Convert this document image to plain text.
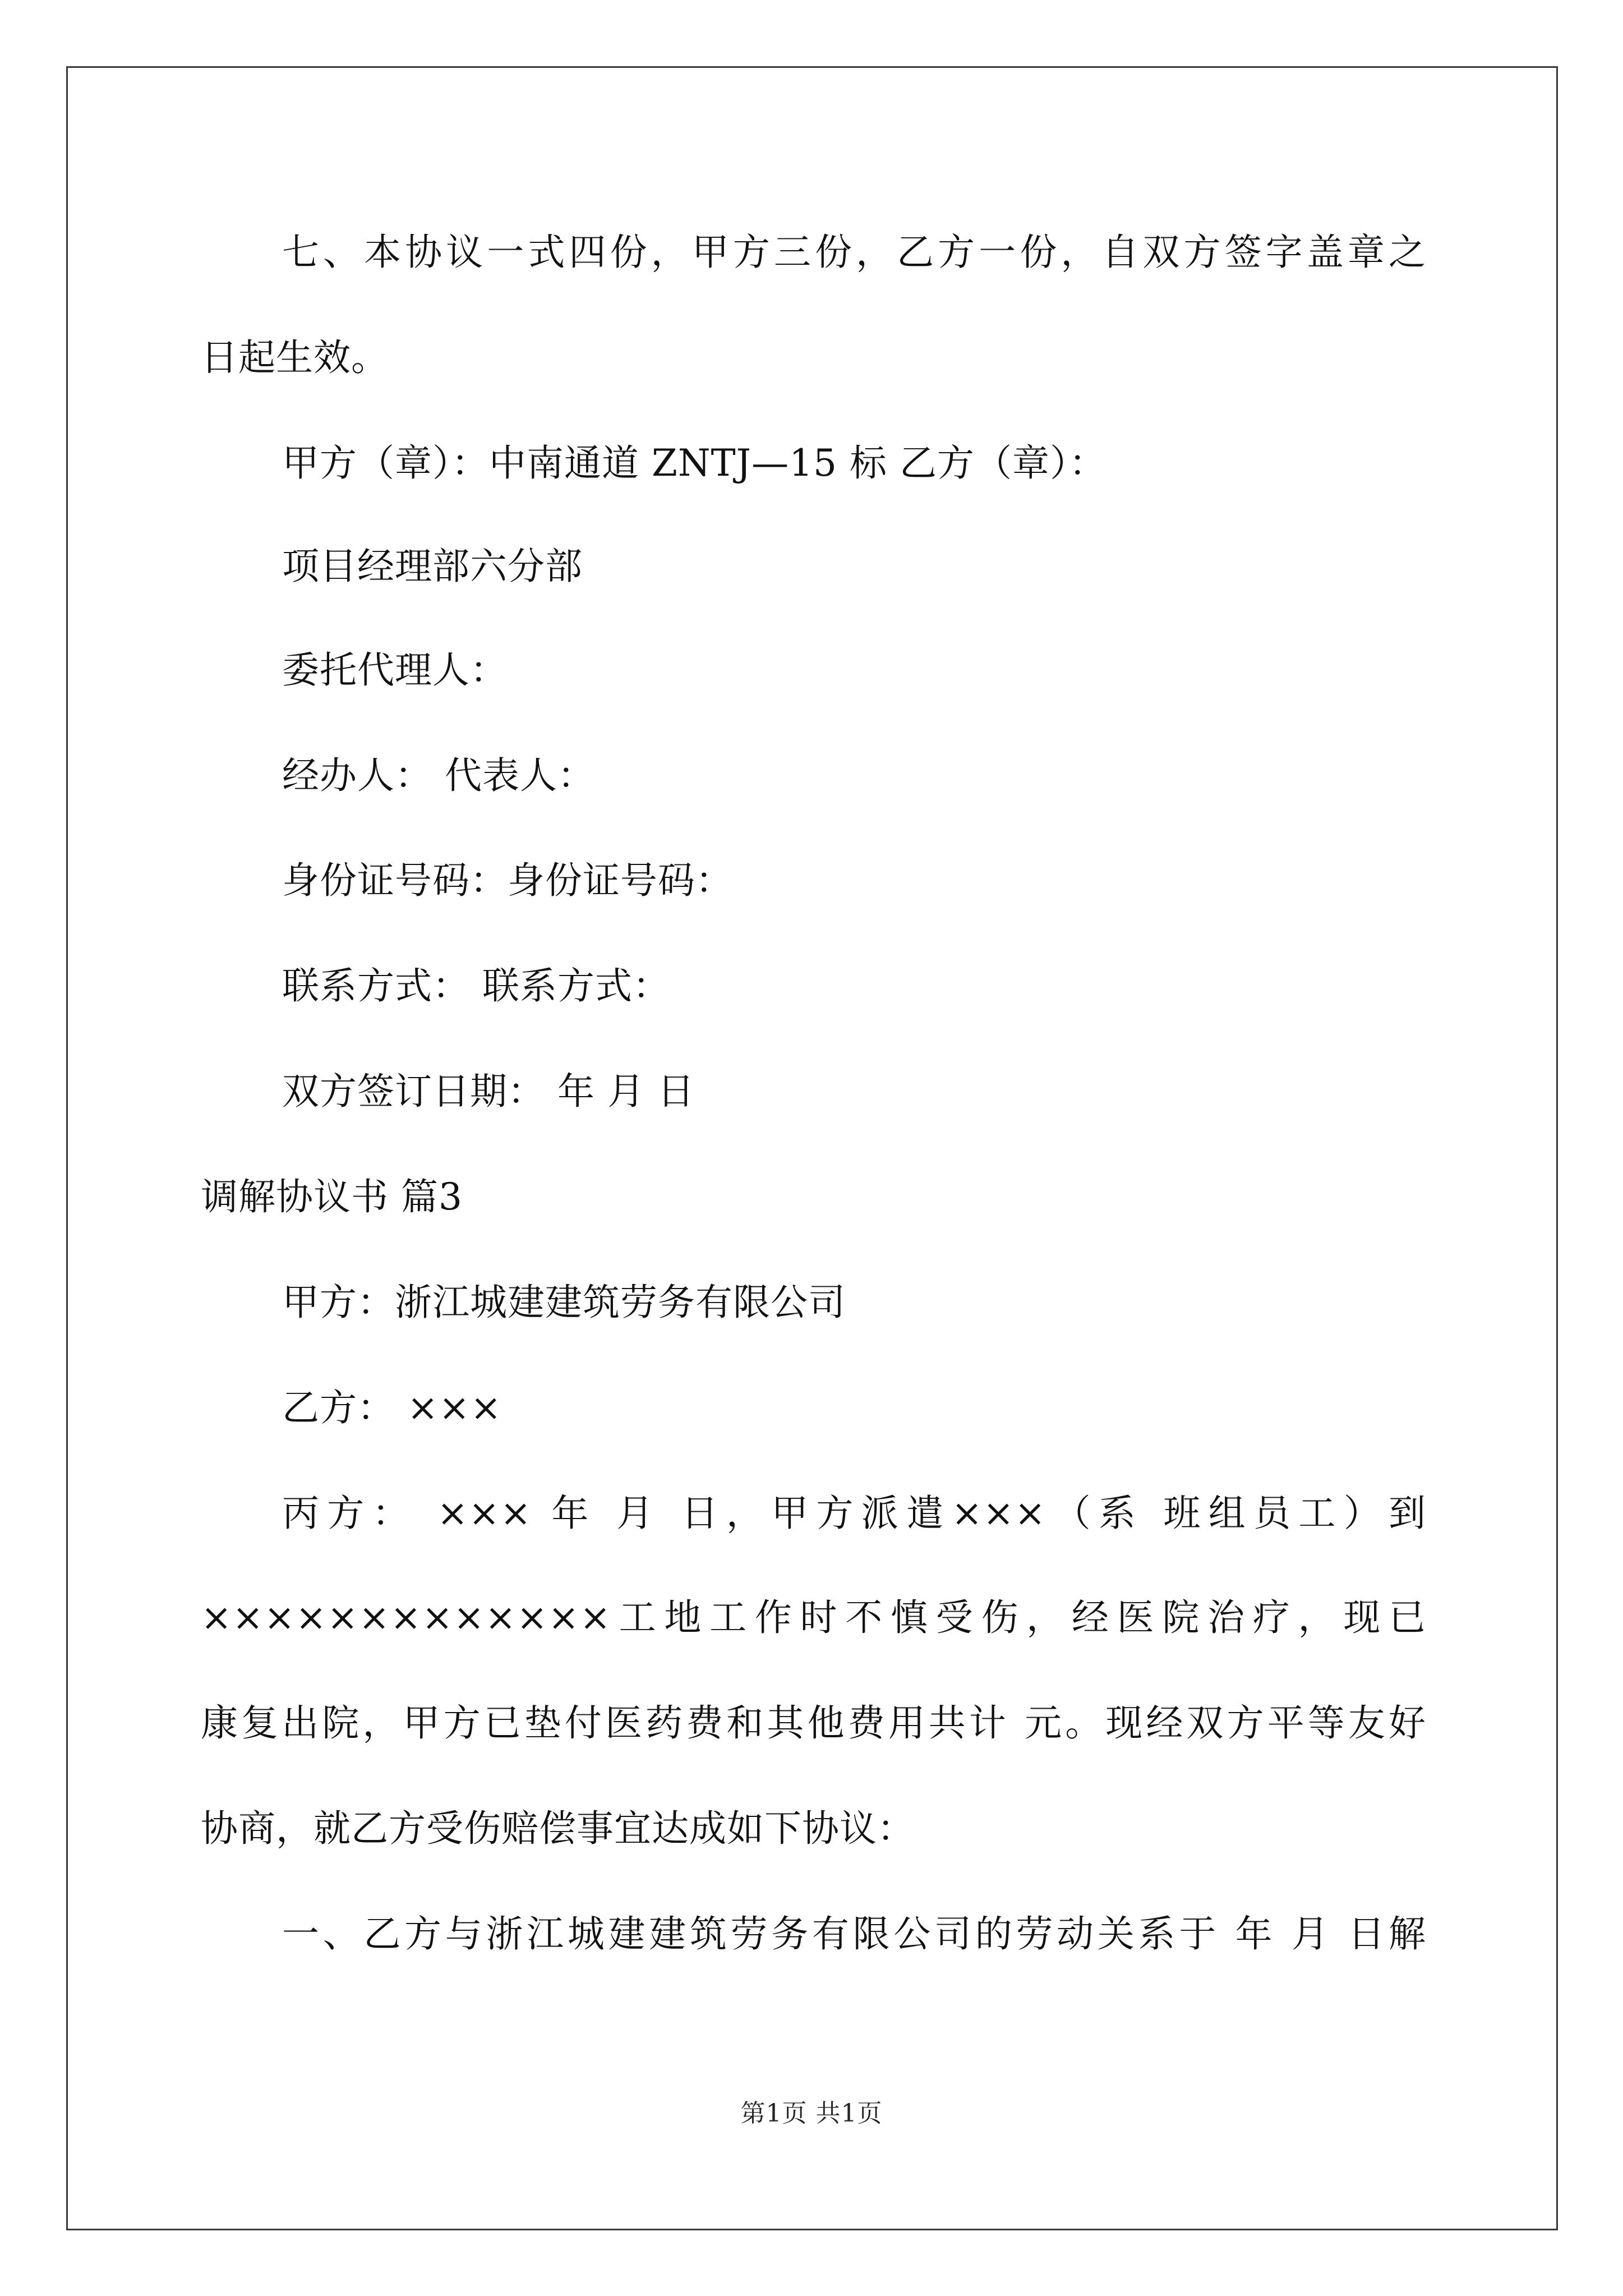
七、本协议一式四份，甲方三份，乙方一份，自双方签字盖章之

日起生效。

甲方（章）：中南通道 ZNTJ—15 标 乙方（章）：

项目经理部六分部

委托代理人：

经办人： 代表人：

身份证号码：身份证号码：

联系方式： 联系方式：

双方签订日期： 年 月 日

调解协议书 篇3

甲方：浙江城建建筑劳务有限公司

乙方： ×××

丙方： ××× 年 月 日，甲方派遣×××（系 班组员工）到

×××××××××××××工地工作时不慎受伤，经医院治疗，现已

康复出院，甲方已垫付医药费和其他费用共计 元。现经双方平等友好

协商，就乙方受伤赔偿事宜达成如下协议：

一、乙方与浙江城建建筑劳务有限公司的劳动关系于 年 月 日解

第1页 共1页
